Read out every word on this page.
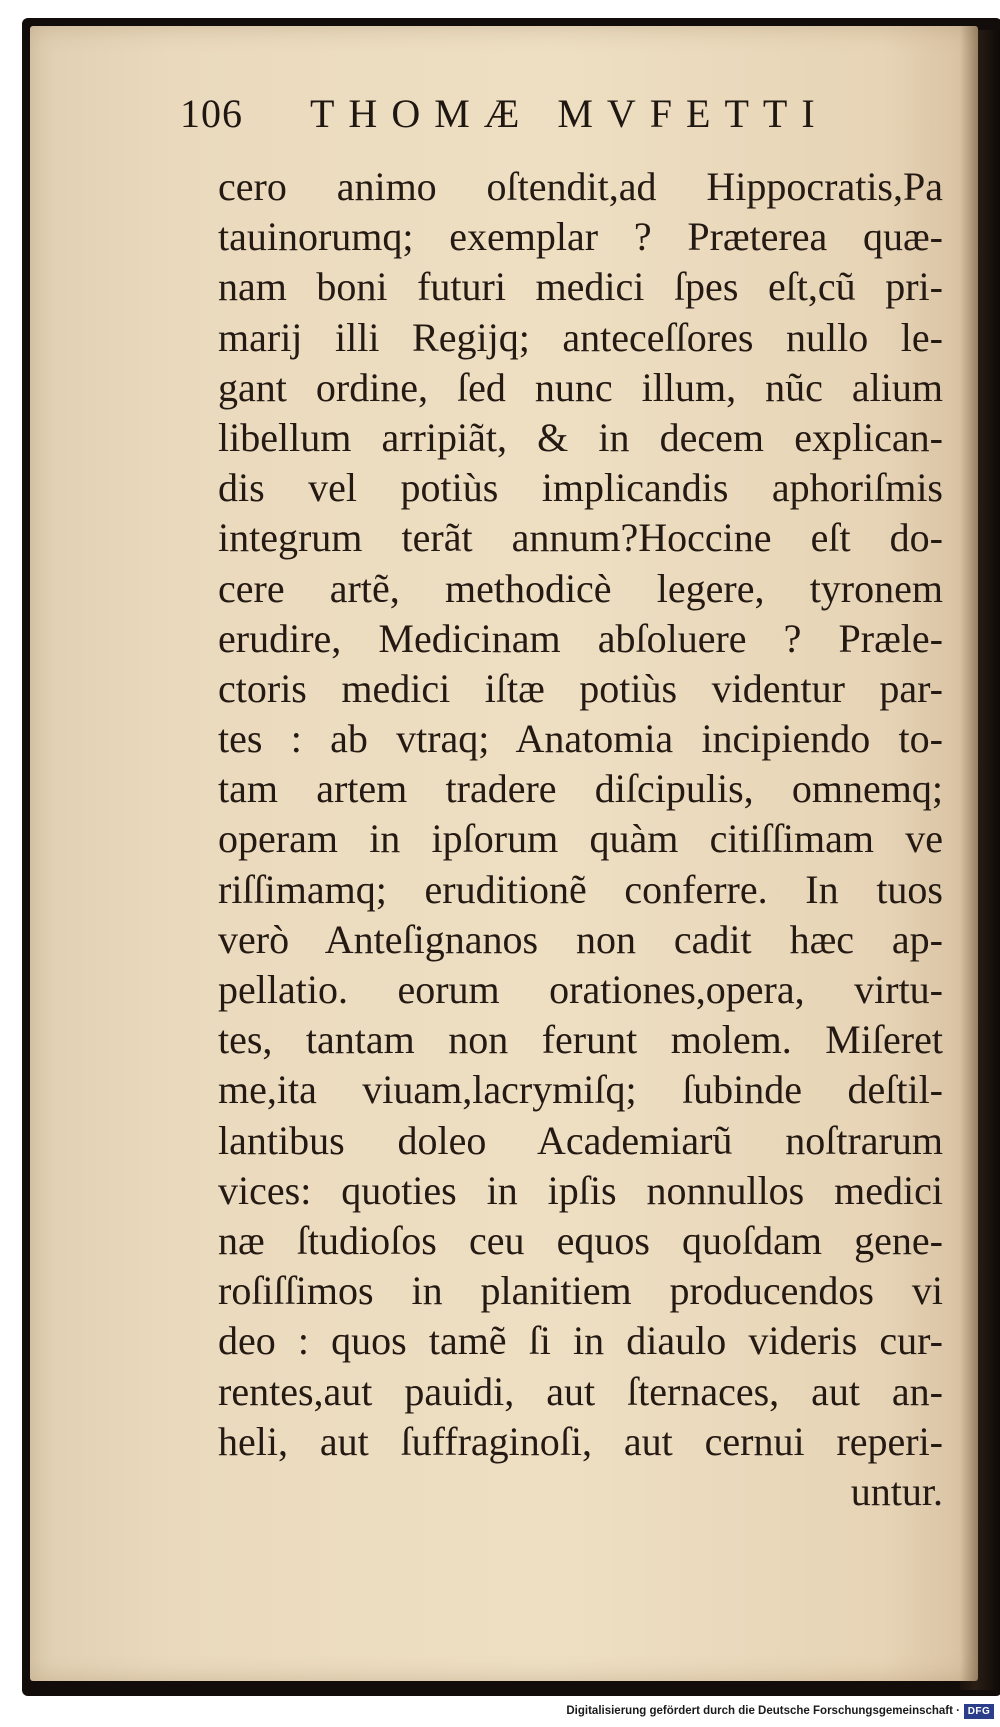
106 THOMÆ MVFETTI
cero animo oſtendit,ad Hippocratis,Pa
tauinorumq; exemplar ? Præterea quæ-
nam boni futuri medici ſpes eſt,cũ pri-
marij illi Regijq; anteceſſores nullo le-
gant ordine, ſed nunc illum, nũc alium
libellum arripiãt, & in decem explican-
dis vel potiùs implicandis aphoriſmis
integrum terãt annum?Hoccine eſt do-
cere artẽ, methodicè legere, tyronem
erudire, Medicinam abſoluere ? Præle-
ctoris medici iſtæ potiùs videntur par-
tes : ab vtraq; Anatomia incipiendo to-
tam artem tradere diſcipulis, omnemq;
operam in ipſorum quàm citiſſimam ve
riſſimamq; eruditionẽ conferre. In tuos
verò Anteſignanos non cadit hæc ap-
pellatio. eorum orationes,opera, virtu-
tes, tantam non ferunt molem. Miſeret
me,ita viuam,lacrymiſq; ſubinde deſtil-
lantibus doleo Academiarũ noſtrarum
vices: quoties in ipſis nonnullos medici
næ ſtudioſos ceu equos quoſdam gene-
roſiſſimos in planitiem producendos vi
deo : quos tamẽ ſi in diaulo videris cur-
rentes,aut pauidi, aut ſternaces, aut an-
heli, aut ſuffraginoſi, aut cernui reperi-
untur.
Digitalisierung gefördert durch die Deutsche Forschungsgemeinschaft · DFG
